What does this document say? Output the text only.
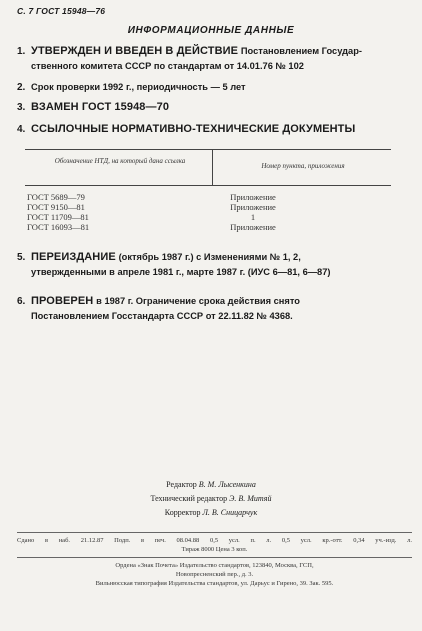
С. 7 ГОСТ 15948—76
ИНФОРМАЦИОННЫЕ ДАННЫЕ
1. УТВЕРЖДЕН И ВВЕДЕН В ДЕЙСТВИЕ Постановлением Государ-
ственного комитета СССР по стандартам от 14.01.76 № 102
2. Срок проверки 1992 г., периодичность — 5 лет
3. ВЗАМЕН ГОСТ 15948—70
4. ССЫЛОЧНЫЕ НОРМАТИВНО-ТЕХНИЧЕСКИЕ ДОКУМЕНТЫ
Обозначение НТД, на который дана ссылка
Номер пункта, приложения
ГОСТ 5689—79	Приложение
ГОСТ 9150—81	Приложение
ГОСТ 11709—81	1
ГОСТ 16093—81	Приложение
5. ПЕРЕИЗДАНИЕ (октябрь 1987 г.) с Изменениями № 1, 2,
утвержденными в апреле 1981 г., марте 1987 г. (ИУС 6—81, 6—87)
6. ПРОВЕРЕН в 1987 г. Ограничение срока действия снято
Постановлением Госстандарта СССР от 22.11.82 № 4368.
Редактор В. М. Лысенкина
Технический редактор Э. В. Митяй
Корректор Л. В. Сницарчук
Сдано в наб. 21.12.87 Подп. в печ. 08.04.88 0,5 усл. п. л. 0,5 усл. кр.-отт. 0,34 уч.-изд. л.
Тираж 8000 Цена 3 коп.
Ордена «Знак Почета» Издательство стандартов, 123840, Москва, ГСП,
Новопресненский пер., д. 3.
Вильнюсская типография Издательства стандартов, ул. Дарьус и Гирено, 39. Зак. 595.
